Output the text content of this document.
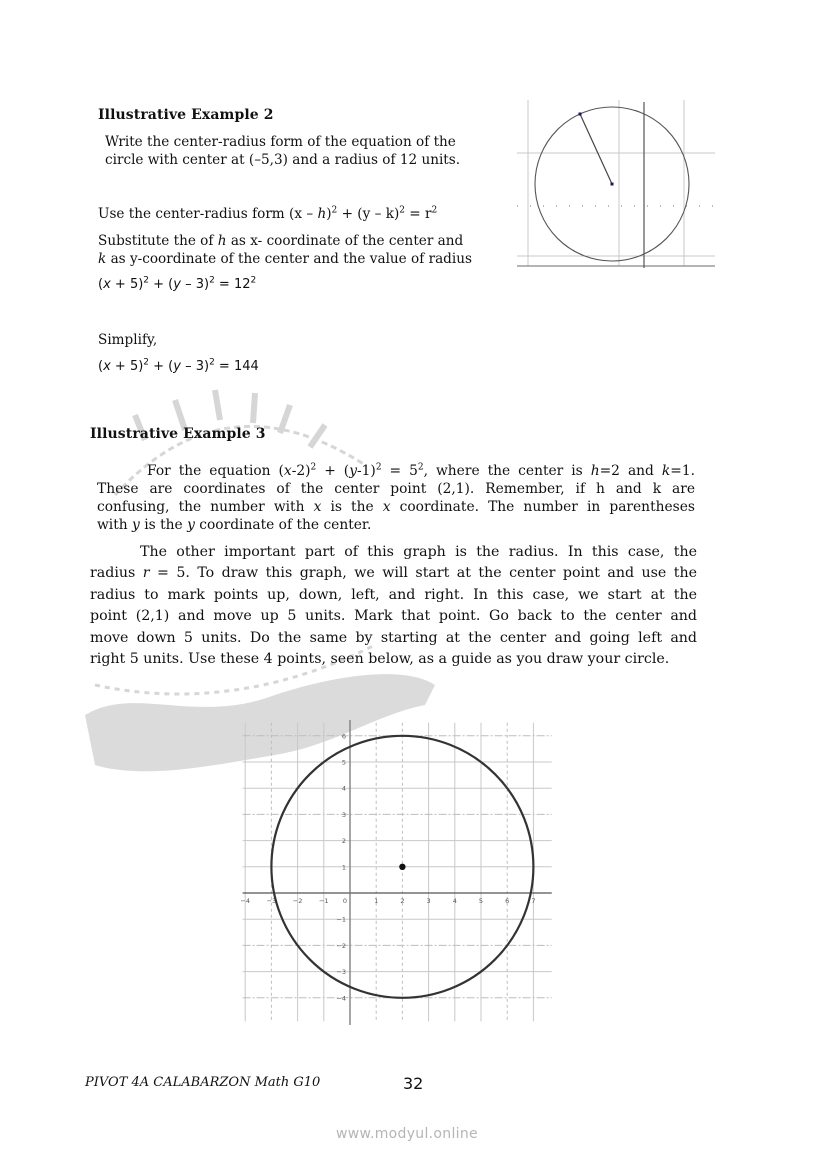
Illustrative Example 2
Write the center-radius form of the equation of the
circle with center at (–5,3) and a radius of 12 units.
Use the center-radius form $(x - h)^2 + (y - k)^2 = r^2$
Substitute the of h as x- coordinate of the center and
k as y-coordinate of the center and the value of radius
$(x + 5)^2 + (y - 3)^2 = 12^2$
Simplify,
$(x + 5)^2 + (y - 3)^2 = 144$
Illustrative Example 3
For the equation $(x-2)^2 + (y-1)^2 = 5^2$, where the center is h=2 and k=1.
These are coordinates of the center point (2,1). Remember, if h and k are
confusing, the number with x is the x coordinate. The number in parentheses
with y is the y coordinate of the center.
The other important part of this graph is the radius. In this case, the
radius r = 5. To draw this graph, we will start at the center point and use the
radius to mark points up, down, left, and right. In this case, we start at the
point (2,1) and move up 5 units. Mark that point. Go back to the center and
move down 5 units. Do the same by starting at the center and going left and
right 5 units. Use these 4 points, seen below, as a guide as you draw your circle.
−4	−3	−2	−1 0	1	2	3	4	5	6	7
−4
−3
−2
−1
1
2
3
4
5
6
PIVOT 4A CALABARZON Math G10	32
www.modyul.online
